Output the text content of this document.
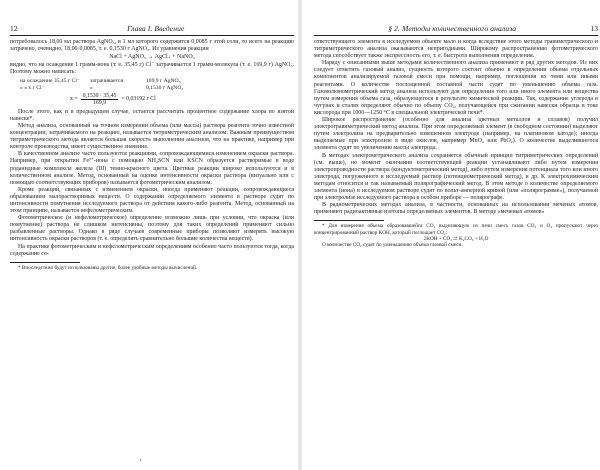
12	Глава I. Введение

потребовалось 18,00 мл раствора AgNO₃, в 1 мл которого содержится 0,0085 г этой соли, то всего на реакцию затрачено, очевидно, 18,00·0,0085, т. е. 0,1530 г AgNO₃. Из уравнения реакции

NaCl + AgNO₃ → AgCl↓ + NaNO₃

видно, что на осаждение 1 грамм-иона (т. е. 35,45 г) Cl⁻ затрачивается 1 грамм-молекула (т. е. 169,9 г) AgNO₃. Поэтому можно написать:

на осаждение 35,45 г Cl⁻	затрачивается	169,9 г AgNO₃
» » x г Cl⁻	»	0,1530 г AgNO₃
$x = \frac{0,1530 \cdot 35,45}{169,9} = 0,03192$ г Cl

После этого, как и в предыдущем случае, остается рассчитать процентное содержание хлора во взятой навеске*.

Метод анализа, основанный на точном измерении объема (или массы) раствора реагента точно известной концентрации, затрачиваемого на реакцию, называется титриметрическим анализом. Важным преимуществом титриметрического метода является большая скорость выполнения анализов, что на практике, например при контроле производства, имеет существенное значение.

В качественном анализе часто пользуются реакциями, сопровождающимися изменением окраски раствора. Например, при открытии Fe³⁺-иона с помощью NH₄SCN или KSCN образуется растворимые в воде роданидные комплексы железа (III) темно-красного цвета. Цветные реакции широко используются и в количественном анализе. Метод, основанный на оценке интенсивности окраски раствора (визуально или с помощью соответствующих приборов) называется фотометрическим анализом.

Кроме реакций, связанных с изменением окраски, иногда применяют реакции, сопровождающиеся образованием малорастворимых веществ. О содержании определяемого элемента в растворе судят по интенсивности помутнения исследуемого раствора от действия какого-либо реагента. Метод, основанный на этом принципе, называется нефелометрическим.

Фотометрическое (и нефелометрическое) определение возможно лишь при условии, что окраска (или помутнение) раствора не слишком интенсивны, поэтому для таких определений применяют сильно разбавленные растворы. Однако в ряде случаев современные приборы позволяют измерять высокую интенсивность окраски растворов (т. е. определять сравнительно большие количества веществ).

На практике фотометрическим и нефелометрическим определениям особенно часто пользуются тогда, когда содержание со-

* Впоследствии будут использованы другие, более удобные методы вычислений.
ı
§ 2. Методы количественного анализа	13

ответствующего элемента в исследуемом объекте мало и когда вследствие этого методы гравиметрического и титриметрического анализа оказываются непригодными. Широкому распространению фотометрического метода способствует также экспрессность его, т. е. быстрота выполнения определения.

Наряду с описанными выше методами количественного анализа применяют и ряд других методов. Из них следует отметить газовый анализ, сущность которого состоит обычно в определении объема отдельных компонентов анализируемой газовой смеси при помощи, например, поглощения их теми или иными реагентами. О количестве поглощенной составной части судят по уменьшению объема газа. Газоволюмометрический метод анализа используют для определения того или иного элемента или вещества путем измерения объема газа, образующегося в результате химической реакции. Так, содержание углерода в чугунах и сталях определяют обычно по объему CO₂, получающейся при сжигании навески образца в токе кислорода при 1000—1250 °С в специальной электрической печи*.

Широкое распространение (особенно для анализа цветных металлов и сплавов) получил электрогравиметрический метод анализа. При этом определяемый элемент (в свободном состоянии) выделяют путем электролиза на предварительно взвешенном электроде (например, на платиновом катоде); иногда выделяемые при электролизе в виде окислов, например MnO₂ или PbO₂). О количестве выделившегося элемента судят по увеличению массы электрода.

В методах электрометрического анализа сохраняется обычный принцип титриметрических определений (см. выше), но момент окончания соответствующей реакции устанавливают либо путем измерения электропроводности раствора (кондуктометрический метод), либо путем измерения потенциала того или иного электрода, погруженного в исследуемый раствор (потенциометрический метод), и др. К электрохимическим методам относится и так называемый полярографический метод. В этом методе о количестве определяемого элемента (иона) в исследуемом растворе судят по вольт-амперной кривой (или «полярограмме»), получаемой при электролизе исследуемого раствора в особом приборе — полярографе.

В радиометрических методах анализа, в частности, основанных на использовании меченых атомов, применяют радиоактивные изотопы определяемых элементов. В методе «меченых атомов»

* Для измерения объема образовавшейся CO₂ выделяющую из печи смесь газов CO₂ и O₂ пропускают через концентрированный раствор KOH, который поглощает CO₂:
2KOH + CO₂ ⇄ K₂CO₃ + H₂O
О количестве CO₂ судят по уменьшению объема газовой смеси.
